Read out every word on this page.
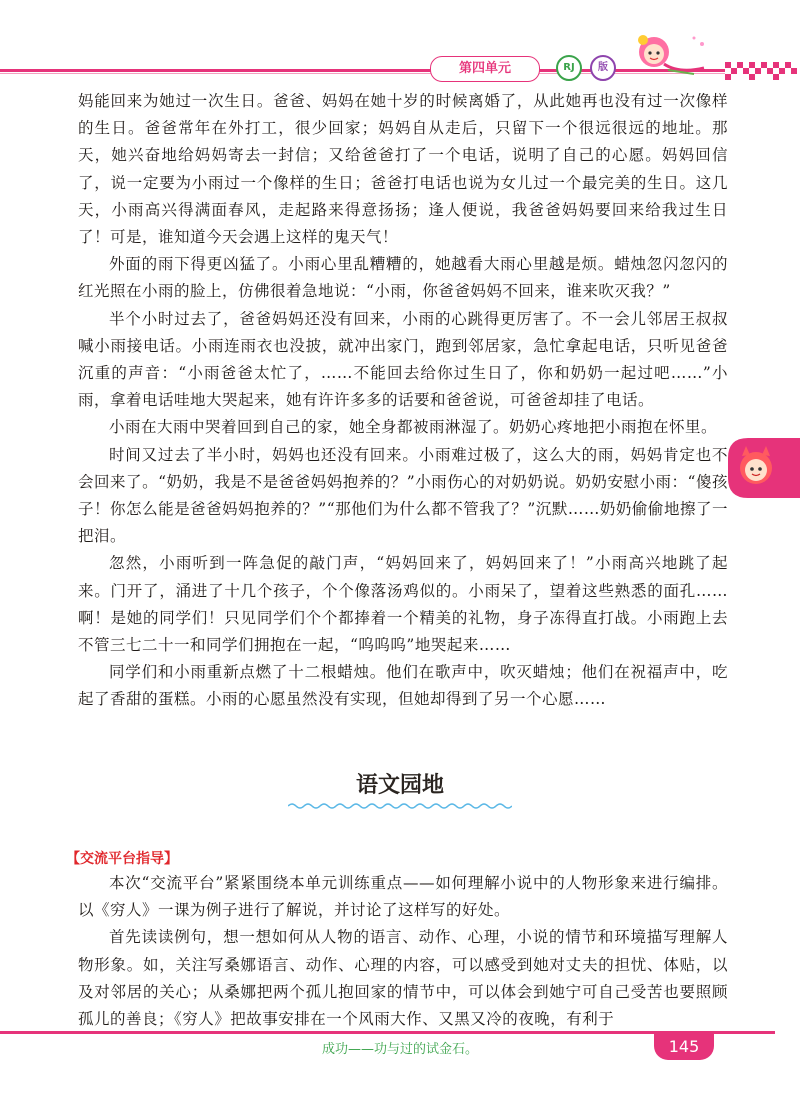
第四单元	RJ	版

妈能回来为她过一次生日。爸爸、妈妈在她十岁的时候离婚了，从此她再也没有过一次像样的生日。爸爸常年在外打工，很少回家；妈妈自从走后，只留下一个很远很远的地址。那天，她兴奋地给妈妈寄去一封信；又给爸爸打了一个电话，说明了自己的心愿。妈妈回信了，说一定要为小雨过一个像样的生日；爸爸打电话也说为女儿过一个最完美的生日。这几天，小雨高兴得满面春风，走起路来得意扬扬；逢人便说，我爸爸妈妈要回来给我过生日了！可是，谁知道今天会遇上这样的鬼天气！

外面的雨下得更凶猛了。小雨心里乱糟糟的，她越看大雨心里越是烦。蜡烛忽闪忽闪的红光照在小雨的脸上，仿佛很着急地说：“小雨，你爸爸妈妈不回来，谁来吹灭我？”

半个小时过去了，爸爸妈妈还没有回来，小雨的心跳得更厉害了。不一会儿邻居王叔叔喊小雨接电话。小雨连雨衣也没披，就冲出家门，跑到邻居家，急忙拿起电话，只听见爸爸沉重的声音：“小雨爸爸太忙了，……不能回去给你过生日了，你和奶奶一起过吧……”小雨，拿着电话哇地大哭起来，她有许许多多的话要和爸爸说，可爸爸却挂了电话。

小雨在大雨中哭着回到自己的家，她全身都被雨淋湿了。奶奶心疼地把小雨抱在怀里。

时间又过去了半小时，妈妈也还没有回来。小雨难过极了，这么大的雨，妈妈肯定也不会回来了。“奶奶，我是不是爸爸妈妈抱养的？”小雨伤心的对奶奶说。奶奶安慰小雨：“傻孩子！你怎么能是爸爸妈妈抱养的？”“那他们为什么都不管我了？”沉默……奶奶偷偷地擦了一把泪。

忽然，小雨听到一阵急促的敲门声，“妈妈回来了，妈妈回来了！”小雨高兴地跳了起来。门开了，涌进了十几个孩子，个个像落汤鸡似的。小雨呆了，望着这些熟悉的面孔……啊！是她的同学们！只见同学们个个都捧着一个精美的礼物，身子冻得直打战。小雨跑上去不管三七二十一和同学们拥抱在一起，“呜呜呜”地哭起来……

同学们和小雨重新点燃了十二根蜡烛。他们在歌声中，吹灭蜡烛；他们在祝福声中，吃起了香甜的蛋糕。小雨的心愿虽然没有实现，但她却得到了另一个心愿……

语文园地
【交流平台指导】

本次“交流平台”紧紧围绕本单元训练重点——如何理解小说中的人物形象来进行编排。以《穷人》一课为例子进行了解说，并讨论了这样写的好处。

首先读读例句，想一想如何从人物的语言、动作、心理，小说的情节和环境描写理解人物形象。如，关注写桑娜语言、动作、心理的内容，可以感受到她对丈夫的担忧、体贴，以及对邻居的关心；从桑娜把两个孤儿抱回家的情节中，可以体会到她宁可自己受苦也要照顾孤儿的善良；《穷人》把故事安排在一个风雨大作、又黑又冷的夜晚，有利于

成功——功与过的试金石。	145
